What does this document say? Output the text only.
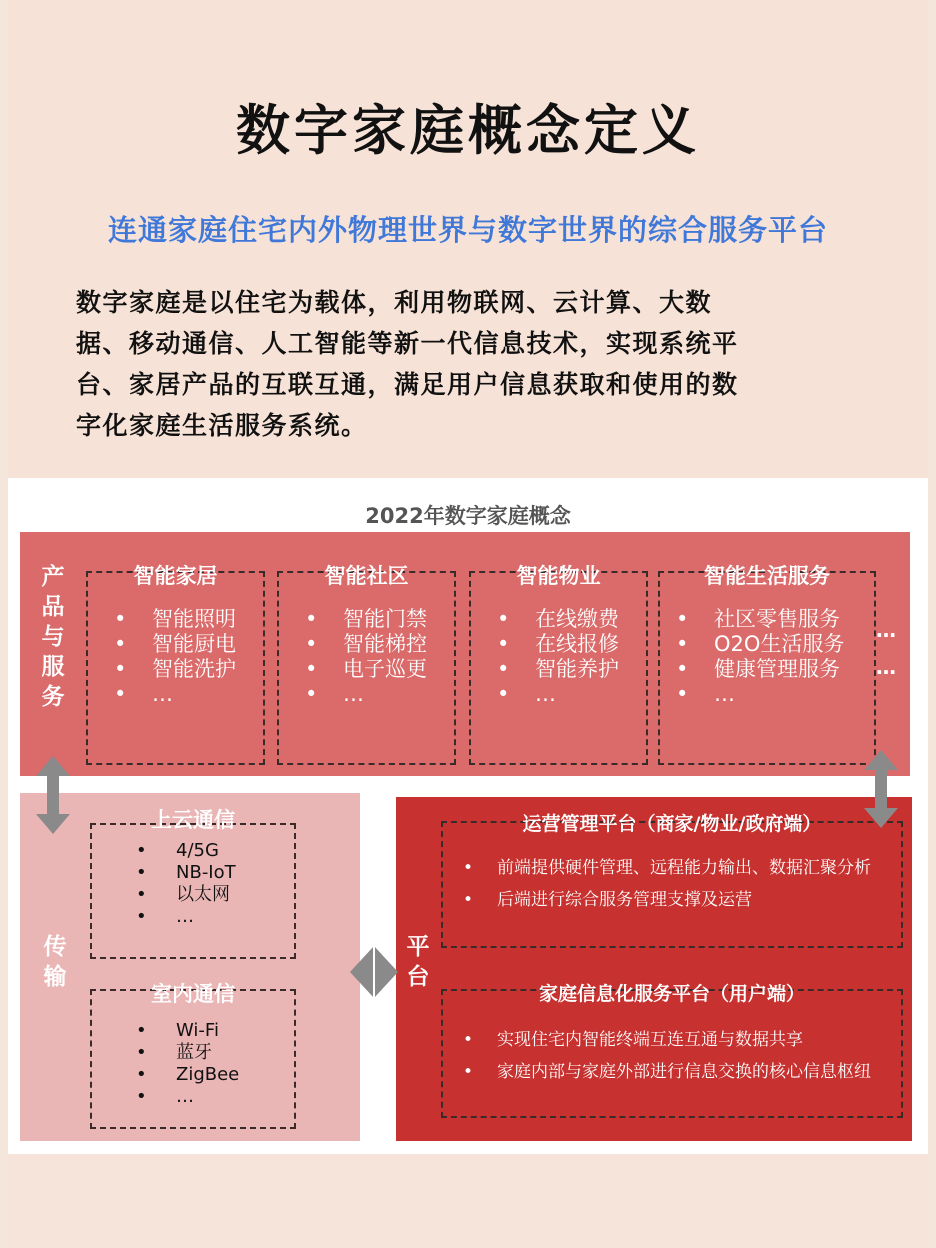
数字家庭概念定义
连通家庭住宅内外物理世界与数字世界的综合服务平台
数字家庭是以住宅为载体，利用物联网、云计算、大数
据、移动通信、人工智能等新一代信息技术，实现系统平
台、家居产品的互联互通，满足用户信息获取和使用的数
字化家庭生活服务系统。
2022年数字家庭概念
产
品
与
服
务
智能家居
• 智能照明
• 智能厨电
• 智能洗护
• …
智能社区
• 智能门禁
• 智能梯控
• 电子巡更
• …
智能物业
• 在线缴费
• 在线报修
• 智能养护
• …
智能生活服务
• 社区零售服务
• O2O生活服务
• 健康管理服务
• …
…
…
传
输
上云通信
• 4/5G
• NB-IoT
• 以太网
• …
室内通信
• Wi-Fi
• 蓝牙
• ZigBee
• …
平
台
运营管理平台（商家/物业/政府端）
• 前端提供硬件管理、远程能力输出、数据汇聚分析
• 后端进行综合服务管理支撑及运营
家庭信息化服务平台（用户端）
• 实现住宅内智能终端互连互通与数据共享
• 家庭内部与家庭外部进行信息交换的核心信息枢纽
